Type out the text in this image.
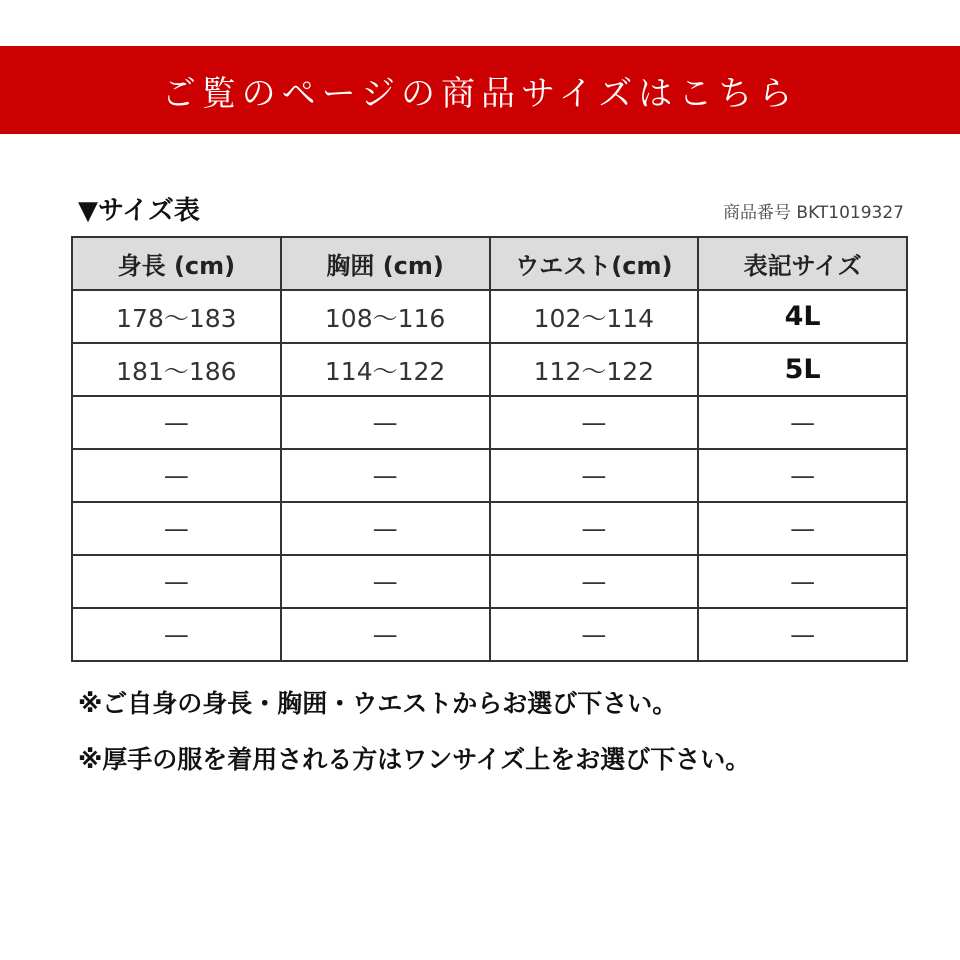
ご覧のページの商品サイズはこちら
▼サイズ表	商品番号 BKT1019327
身長 (cm)	胸囲 (cm)	ウエスト(cm)	表記サイズ
178〜183	108〜116	102〜114	4L
181〜186	114〜122	112〜122	5L
—	—	—	—
—	—	—	—
—	—	—	—
—	—	—	—
—	—	—	—
※ご自身の身長・胸囲・ウエストからお選び下さい。
※厚手の服を着用される方はワンサイズ上をお選び下さい。
